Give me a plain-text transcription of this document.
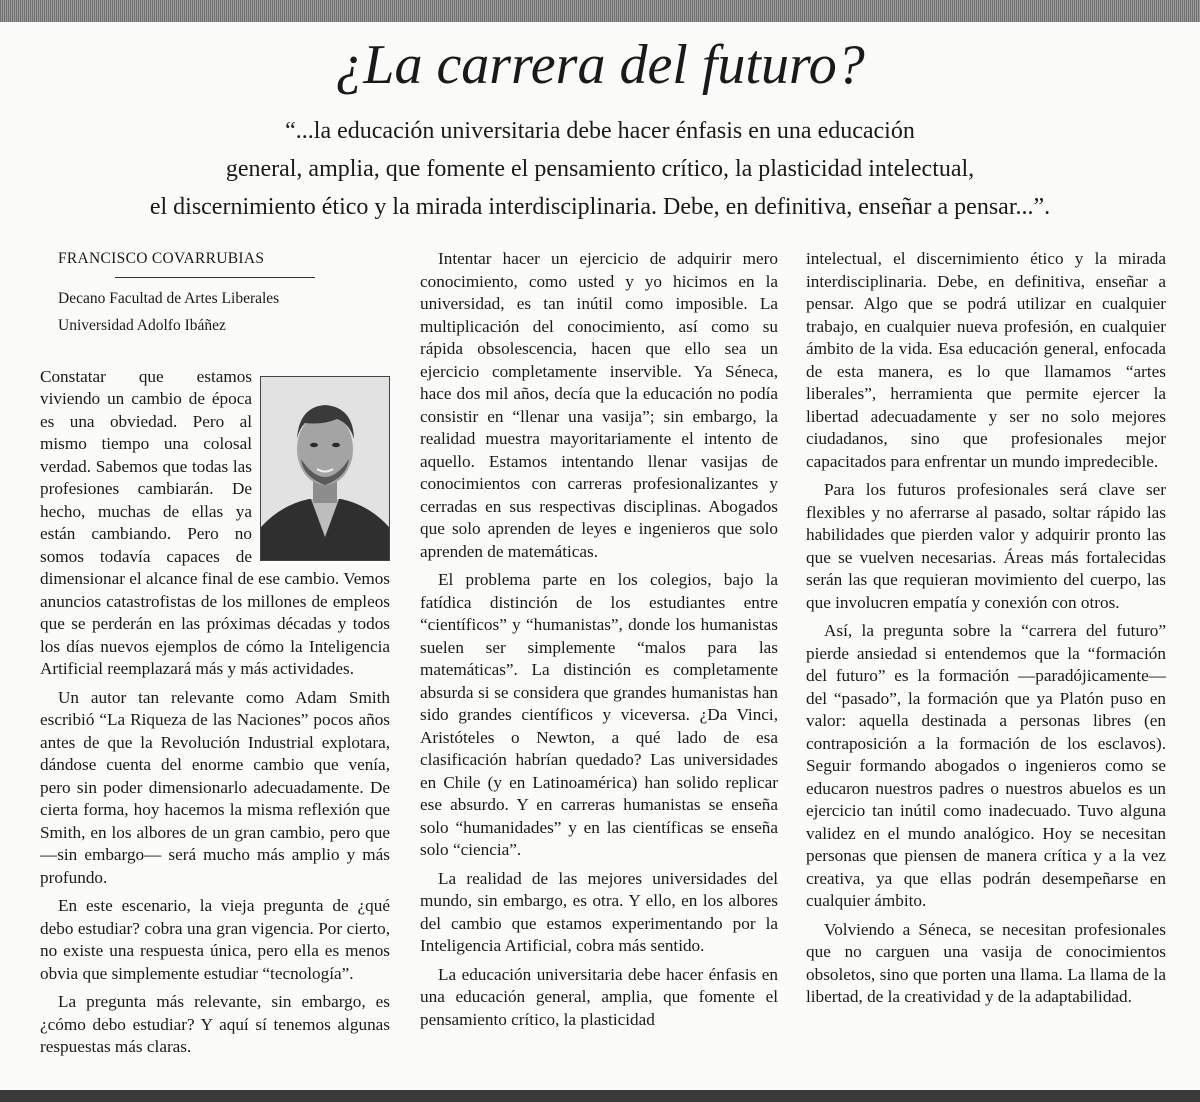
¿La carrera del futuro?

“...la educación universitaria debe hacer énfasis en una educación

general, amplia, que fomente el pensamiento crítico, la plasticidad intelectual,

el discernimiento ético y la mirada interdisciplinaria. Debe, en definitiva, enseñar a pensar...”.

FRANCISCO COVARRUBIAS

Decano Facultad de Artes Liberales

Universidad Adolfo Ibáñez

Constatar que estamos viviendo un cambio de época es una obviedad. Pero al mismo tiempo una colosal verdad. Sabemos que todas las profesiones cambiarán. De hecho, muchas de ellas ya están cambiando. Pero no somos todavía capaces de dimensionar el alcance final de ese cambio. Vemos anuncios catastrofistas de los millones de empleos que se perderán en las próximas décadas y todos los días nuevos ejemplos de cómo la Inteligencia Artificial reemplazará más y más actividades.

Un autor tan relevante como Adam Smith escribió “La Riqueza de las Naciones” pocos años antes de que la Revolución Industrial explotara, dándose cuenta del enorme cambio que venía, pero sin poder dimensionarlo adecuadamente. De cierta forma, hoy hacemos la misma reflexión que Smith, en los albores de un gran cambio, pero que —sin embargo— será mucho más amplio y más profundo.

En este escenario, la vieja pregunta de ¿qué debo estudiar? cobra una gran vigencia. Por cierto, no existe una respuesta única, pero ella es menos obvia que simplemente estudiar “tecnología”.

La pregunta más relevante, sin embargo, es ¿cómo debo estudiar? Y aquí sí tenemos algunas respuestas más claras.

Intentar hacer un ejercicio de adquirir mero conocimiento, como usted y yo hicimos en la universidad, es tan inútil como imposible. La multiplicación del conocimiento, así como su rápida obsolescencia, hacen que ello sea un ejercicio completamente inservible. Ya Séneca, hace dos mil años, decía que la educación no podía consistir en “llenar una vasija”; sin embargo, la realidad muestra mayoritariamente el intento de aquello. Estamos intentando llenar vasijas de conocimientos con carreras profesionalizantes y cerradas en sus respectivas disciplinas. Abogados que solo aprenden de leyes e ingenieros que solo aprenden de matemáticas.

El problema parte en los colegios, bajo la fatídica distinción de los estudiantes entre “científicos” y “humanistas”, donde los humanistas suelen ser simplemente “malos para las matemáticas”. La distinción es completamente absurda si se considera que grandes humanistas han sido grandes científicos y viceversa. ¿Da Vinci, Aristóteles o Newton, a qué lado de esa clasificación habrían quedado? Las universidades en Chile (y en Latinoamérica) han solido replicar ese absurdo. Y en carreras humanistas se enseña solo “humanidades” y en las científicas se enseña solo “ciencia”.

La realidad de las mejores universidades del mundo, sin embargo, es otra. Y ello, en los albores del cambio que estamos experimentando por la Inteligencia Artificial, cobra más sentido.

La educación universitaria debe hacer énfasis en una educación general, amplia, que fomente el pensamiento crítico, la plasticidad

intelectual, el discernimiento ético y la mirada interdisciplinaria. Debe, en definitiva, enseñar a pensar. Algo que se podrá utilizar en cualquier trabajo, en cualquier nueva profesión, en cualquier ámbito de la vida. Esa educación general, enfocada de esta manera, es lo que llamamos “artes liberales”, herramienta que permite ejercer la libertad adecuadamente y ser no solo mejores ciudadanos, sino que profesionales mejor capacitados para enfrentar un mundo impredecible.

Para los futuros profesionales será clave ser flexibles y no aferrarse al pasado, soltar rápido las habilidades que pierden valor y adquirir pronto las que se vuelven necesarias. Áreas más fortalecidas serán las que requieran movimiento del cuerpo, las que involucren empatía y conexión con otros.

Así, la pregunta sobre la “carrera del futuro” pierde ansiedad si entendemos que la “formación del futuro” es la formación —paradójicamente— del “pasado”, la formación que ya Platón puso en valor: aquella destinada a personas libres (en contraposición a la formación de los esclavos). Seguir formando abogados o ingenieros como se educaron nuestros padres o nuestros abuelos es un ejercicio tan inútil como inadecuado. Tuvo alguna validez en el mundo analógico. Hoy se necesitan personas que piensen de manera crítica y a la vez creativa, ya que ellas podrán desempeñarse en cualquier ámbito.

Volviendo a Séneca, se necesitan profesionales que no carguen una vasija de conocimientos obsoletos, sino que porten una llama. La llama de la libertad, de la creatividad y de la adaptabilidad.
